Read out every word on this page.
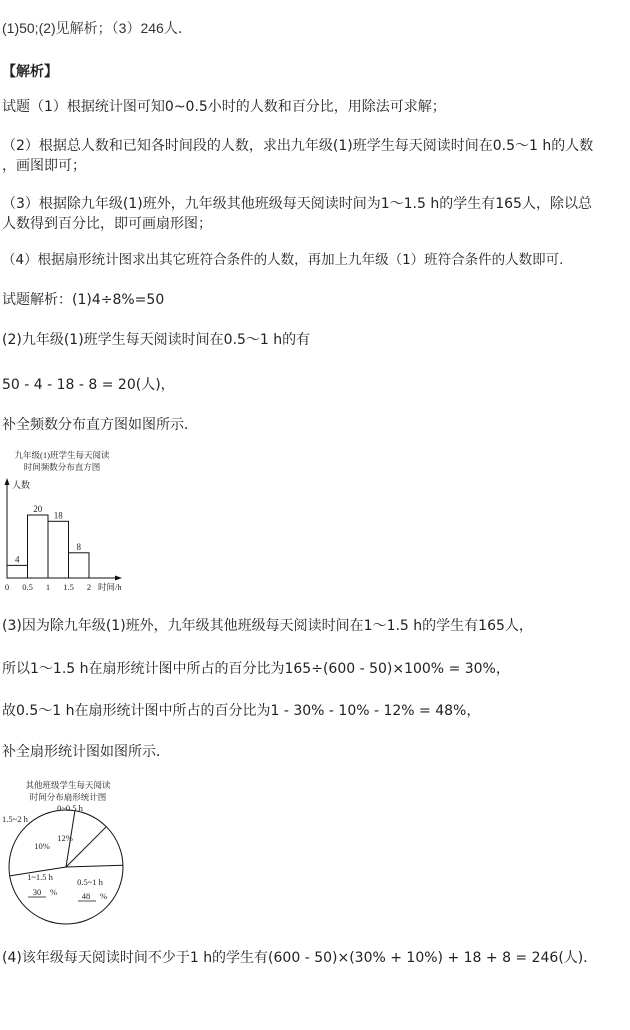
(1)50;(2)见解析；（3）246人．
【解析】
试题（1）根据统计图可知0~0.5小时的人数和百分比，用除法可求解；
（2）根据总人数和已知各时间段的人数，求出九年级(1)班学生每天阅读时间在0.5～1 h的人数
，画图即可；
（3）根据除九年级(1)班外，九年级其他班级每天阅读时间为1～1.5 h的学生有165人，除以总
人数得到百分比，即可画扇形图；
（4）根据扇形统计图求出其它班符合条件的人数，再加上九年级（1）班符合条件的人数即可.
试题解析：(1)4÷8%=50
(2)九年级(1)班学生每天阅读时间在0.5～1 h的有
50 - 4 - 18 - 8 = 20(人)，
补全频数分布直方图如图所示．
九年级(1)班学生每天阅读
时间频数分布直方图
人数
时间/h
4
20
18
8
0 0.5 1 1.5 2
(3)因为除九年级(1)班外，九年级其他班级每天阅读时间在1～1.5 h的学生有165人，
所以1～1.5 h在扇形统计图中所占的百分比为165÷(600 - 50)×100% = 30%，
故0.5～1 h在扇形统计图中所占的百分比为1 - 30% - 10% - 12% = 48%，
补全扇形统计图如图所示．
其他班级学生每天阅读
时间分布扇形统计图
0~0.5 h
12%
0.5~1 h
48 %
1~1.5 h
30 %
1.5~2 h
10%
(4)该年级每天阅读时间不少于1 h的学生有(600 - 50)×(30% + 10%) + 18 + 8 = 246(人)．
